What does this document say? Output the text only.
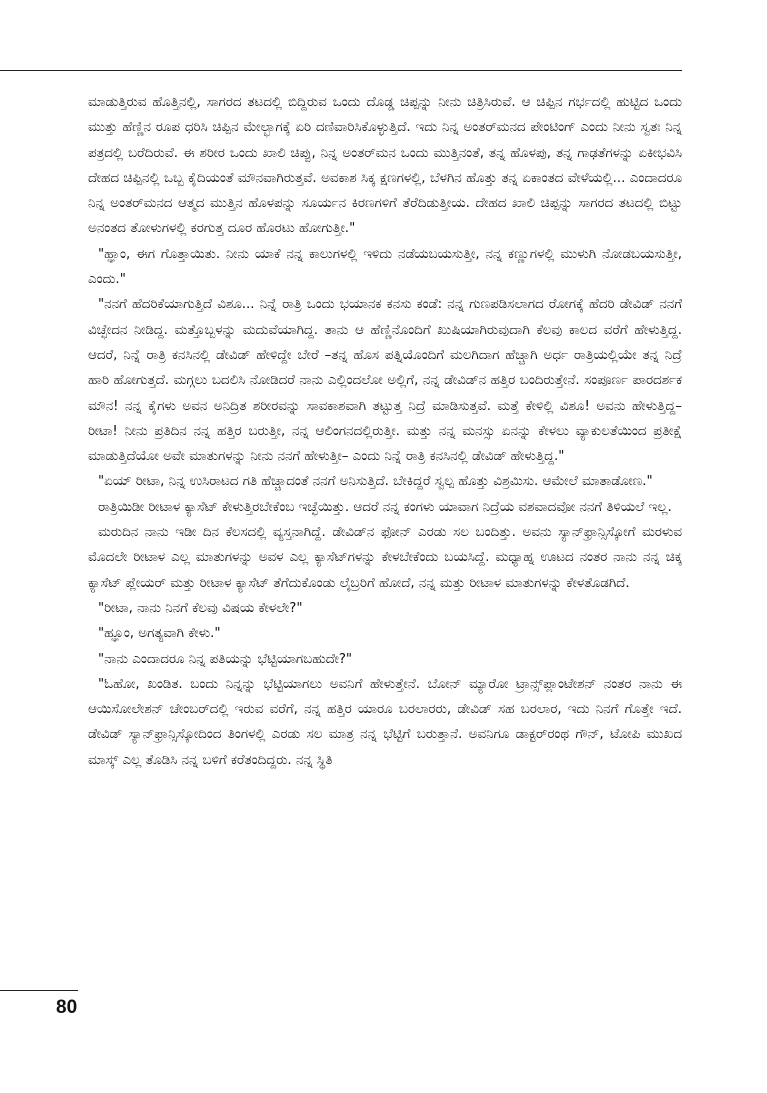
ಮಾಡುತ್ತಿರುವ ಹೊತ್ತಿನಲ್ಲಿ, ಸಾಗರದ ತಟದಲ್ಲಿ ಬಿದ್ದಿರುವ ಒಂದು ದೊಡ್ಡ ಚಿಪ್ಪನ್ನು ನೀನು ಚಿತ್ರಿಸಿರುವೆ. ಆ ಚಿಪ್ಪಿನ ಗರ್ಭದಲ್ಲಿ ಹುಟ್ಟಿದ ಒಂದು ಮುತ್ತು ಹೆಣ್ಣಿನ ರೂಪ ಧರಿಸಿ ಚಿಪ್ಪಿನ ಮೇಲ್ಭಾಗಕ್ಕೆ ಏರಿ ದಣಿವಾರಿಸಿಕೊಳ್ಳುತ್ತಿದೆ. ಇದು ನಿನ್ನ ಅಂತರ್‌ಮನದ ಪೇಂಟಿಂಗ್ ಎಂದು ನೀನು ಸ್ವತಃ ನಿನ್ನ ಪತ್ರದಲ್ಲಿ ಬರೆದಿರುವೆ. ಈ ಶರೀರ ಒಂದು ಖಾಲಿ ಚಿಪ್ಪು, ನಿನ್ನ ಅಂತರ್‌ಮನ ಒಂದು ಮುತ್ತಿನಂತೆ, ತನ್ನ ಹೊಳಪು, ತನ್ನ ಗಾಢತೆಗಳನ್ನು ಏಕೀಭವಿಸಿ ದೇಹದ ಚಿಪ್ಪಿನಲ್ಲಿ ಒಬ್ಬ ಕೈದಿಯಂತೆ ಮೌನವಾಗಿರುತ್ತವೆ. ಅವಕಾಶ ಸಿಕ್ಕ ಕ್ಷಣಗಳಲ್ಲಿ, ಬೆಳಗಿನ ಹೊತ್ತು ತನ್ನ ಏಕಾಂತದ ವೇಳೆಯಲ್ಲಿ... ಎಂದಾದರೂ ನಿನ್ನ ಅಂತರ್‌ಮನದ ಆತ್ಮದ ಮುತ್ತಿನ ಹೊಳಪನ್ನು ಸೂರ್ಯನ ಕಿರಣಗಳಿಗೆ ತೆರೆದಿಡುತ್ತೀಯ. ದೇಹದ ಖಾಲಿ ಚಿಪ್ಪನ್ನು ಸಾಗರದ ತಟದಲ್ಲಿ ಬಿಟ್ಟು ಅನಂತದ ತೋಳುಗಳಲ್ಲಿ ಕರಗುತ್ತ ದೂರ ಹೊರಟು ಹೋಗುತ್ತೀ."

"ಹ್ಞಾಂ, ಈಗ ಗೊತ್ತಾಯಿತು. ನೀನು ಯಾಕೆ ನನ್ನ ಕಾಲುಗಳಲ್ಲಿ ಇಳಿದು ನಡೆಯಬಯಸುತ್ತೀ, ನನ್ನ ಕಣ್ಣುಗಳಲ್ಲಿ ಮುಳುಗಿ ನೋಡಬಯಸುತ್ತೀ, ಎಂದು."

"ನನಗೆ ಹೆದರಿಕೆಯಾಗುತ್ತಿದೆ ವಿಶೂ... ನಿನ್ನೆ ರಾತ್ರಿ ಒಂದು ಭಯಾನಕ ಕನಸು ಕಂಡೆ: ನನ್ನ ಗುಣಪಡಿಸಲಾಗದ ರೋಗಕ್ಕೆ ಹೆದರಿ ಡೇವಿಡ್ ನನಗೆ ವಿಚ್ಛೇದನ ನೀಡಿದ್ದ. ಮತ್ತೊಬ್ಬಳನ್ನು ಮದುವೆಯಾಗಿದ್ದ. ತಾನು ಆ ಹೆಣ್ಣಿನೊಂದಿಗೆ ಖುಷಿಯಾಗಿರುವುದಾಗಿ ಕೆಲವು ಕಾಲದ ವರೆಗೆ ಹೇಳುತ್ತಿದ್ದ. ಆದರೆ, ನಿನ್ನೆ ರಾತ್ರಿ ಕನಸಿನಲ್ಲಿ ಡೇವಿಡ್ ಹೇಳಿದ್ದೇ ಬೇರೆ –ತನ್ನ ಹೊಸ ಪತ್ನಿಯೊಂದಿಗೆ ಮಲಗಿದಾಗ ಹೆಚ್ಚಾಗಿ ಅರ್ಧ ರಾತ್ರಿಯಲ್ಲಿಯೇ ತನ್ನ ನಿದ್ರೆ ಹಾರಿ ಹೋಗುತ್ತದೆ. ಮಗ್ಗಲು ಬದಲಿಸಿ ನೋಡಿದರೆ ನಾನು ಎಲ್ಲಿಂದಲೋ ಅಲ್ಲಿಗೆ, ನನ್ನ ಡೇವಿಡ್‌ನ ಹತ್ತಿರ ಬಂದಿರುತ್ತೇನೆ. ಸಂಪೂರ್ಣ ಪಾರದರ್ಶಕ ಮೌನ! ನನ್ನ ಕೈಗಳು ಅವನ ಅನಿದ್ರಿತ ಶರೀರವನ್ನು ಸಾವಕಾಶವಾಗಿ ತಟ್ಟುತ್ತ ನಿದ್ರೆ ಮಾಡಿಸುತ್ತವೆ. ಮತ್ತೆ ಕೇಳಿಲ್ಲಿ ವಿಶೂ! ಅವನು ಹೇಳುತ್ತಿದ್ದ– ರೀಟಾ! ನೀನು ಪ್ರತಿದಿನ ನನ್ನ ಹತ್ತಿರ ಬರುತ್ತೀ, ನನ್ನ ಆಲಿಂಗನದಲ್ಲಿರುತ್ತೀ. ಮತ್ತು ನನ್ನ ಮನಸ್ಸು ಏನನ್ನು ಕೇಳಲು ವ್ಯಾಕುಲತೆಯಿಂದ ಪ್ರತೀಕ್ಷೆ ಮಾಡುತ್ತಿದೆಯೋ ಅವೇ ಮಾತುಗಳನ್ನು ನೀನು ನನಗೆ ಹೇಳುತ್ತೀ– ಎಂದು ನಿನ್ನೆ ರಾತ್ರಿ ಕನಸಿನಲ್ಲಿ ಡೇವಿಡ್ ಹೇಳುತ್ತಿದ್ದ."

"ಏಯ್ ರೀಟಾ, ನಿನ್ನ ಉಸಿರಾಟದ ಗತಿ ಹೆಚ್ಚಾದಂತೆ ನನಗೆ ಅನಿಸುತ್ತಿದೆ. ಬೇಕಿದ್ದರೆ ಸ್ವಲ್ಪ ಹೊತ್ತು ವಿಶ್ರಮಿಸು. ಆಮೇಲೆ ಮಾತಾಡೋಣ."

ರಾತ್ರಿಯಿಡೀ ರೀಟಾಳ ಕ್ಯಾಸೆಟ್ ಕೇಳುತ್ತಿರಬೇಕೆಂಬ ಇಚ್ಛೆಯಿತ್ತು. ಆದರೆ ನನ್ನ ಕಂಗಳು ಯಾವಾಗ ನಿದ್ರೆಯ ವಶವಾದವೋ ನನಗೆ ತಿಳಿಯಲೆ ಇಲ್ಲ.

ಮರುದಿನ ನಾನು ಇಡೀ ದಿನ ಕೆಲಸದಲ್ಲಿ ವ್ಯಸ್ತನಾಗಿದ್ದೆ. ಡೇವಿಡ್‌ನ ಫೋನ್ ಎರಡು ಸಲ ಬಂದಿತ್ತು. ಅವನು ಸ್ಯಾನ್‌ಫ್ರಾನ್ಸಿಸ್ಕೋಗೆ ಮರಳುವ ಮೊದಲೇ ರೀಟಾಳ ಎಲ್ಲ ಮಾತುಗಳನ್ನು ಅವಳ ಎಲ್ಲ ಕ್ಯಾಸೆಟ್‌ಗಳನ್ನು ಕೇಳಬೇಕೆಂದು ಬಯಸಿದ್ದೆ. ಮಧ್ಯಾಹ್ನ ಊಟದ ನಂತರ ನಾನು ನನ್ನ ಚಿಕ್ಕ ಕ್ಯಾಸೆಟ್ ಪ್ಲೇಯರ್ ಮತ್ತು ರೀಟಾಳ ಕ್ಯಾಸೆಟ್ ತೆಗೆದುಕೊಂಡು ಲೈಬ್ರರಿಗೆ ಹೋದೆ, ನನ್ನ ಮತ್ತು ರೀಟಾಳ ಮಾತುಗಳನ್ನು ಕೇಳತೊಡಗಿದೆ.

"ರೀಟಾ, ನಾನು ನಿನಗೆ ಕೆಲವು ವಿಷಯ ಕೇಳಲೇ?"

"ಹ್ಞೂಂ, ಅಗತ್ಯವಾಗಿ ಕೇಳು."

"ನಾನು ಎಂದಾದರೂ ನಿನ್ನ ಪತಿಯನ್ನು ಭೆಟ್ಟಿಯಾಗಬಹುದೇ?"

"ಓಹೋ, ಖಂಡಿತ. ಬಂದು ನಿನ್ನನ್ನು ಭೆಟ್ಟಿಯಾಗಲು ಅವನಿಗೆ ಹೇಳುತ್ತೇನೆ. ಬೋನ್ ಮ್ಯಾರೋ ಟ್ರಾನ್ಸ್‌ಪ್ಲಾಂಟೇಶನ್ ನಂತರ ನಾನು ಈ ಆಯಿಸೋಲೇಶನ್ ಚೇಂಬರ್‌ದಲ್ಲಿ ಇರುವ ವರೆಗೆ, ನನ್ನ ಹತ್ತಿರ ಯಾರೂ ಬರಲಾರರು, ಡೇವಿಡ್ ಸಹ ಬರಲಾರ, ಇದು ನಿನಗೆ ಗೊತ್ತೇ ಇದೆ. ಡೇವಿಡ್ ಸ್ಯಾನ್‌ಫ್ರಾನ್ಸಿಸ್ಕೋದಿಂದ ತಿಂಗಳಲ್ಲಿ ಎರಡು ಸಲ ಮಾತ್ರ ನನ್ನ ಭೆಟ್ಟಿಗೆ ಬರುತ್ತಾನೆ. ಅವನಿಗೂ ಡಾಕ್ಟರ್‌ರಂಥ ಗೌನ್, ಟೋಪಿ ಮುಖದ ಮಾಸ್ಕ್ ಎಲ್ಲ ತೊಡಿಸಿ ನನ್ನ ಬಳಿಗೆ ಕರೆತಂದಿದ್ದರು. ನನ್ನ ಸ್ಥಿತಿ

80
